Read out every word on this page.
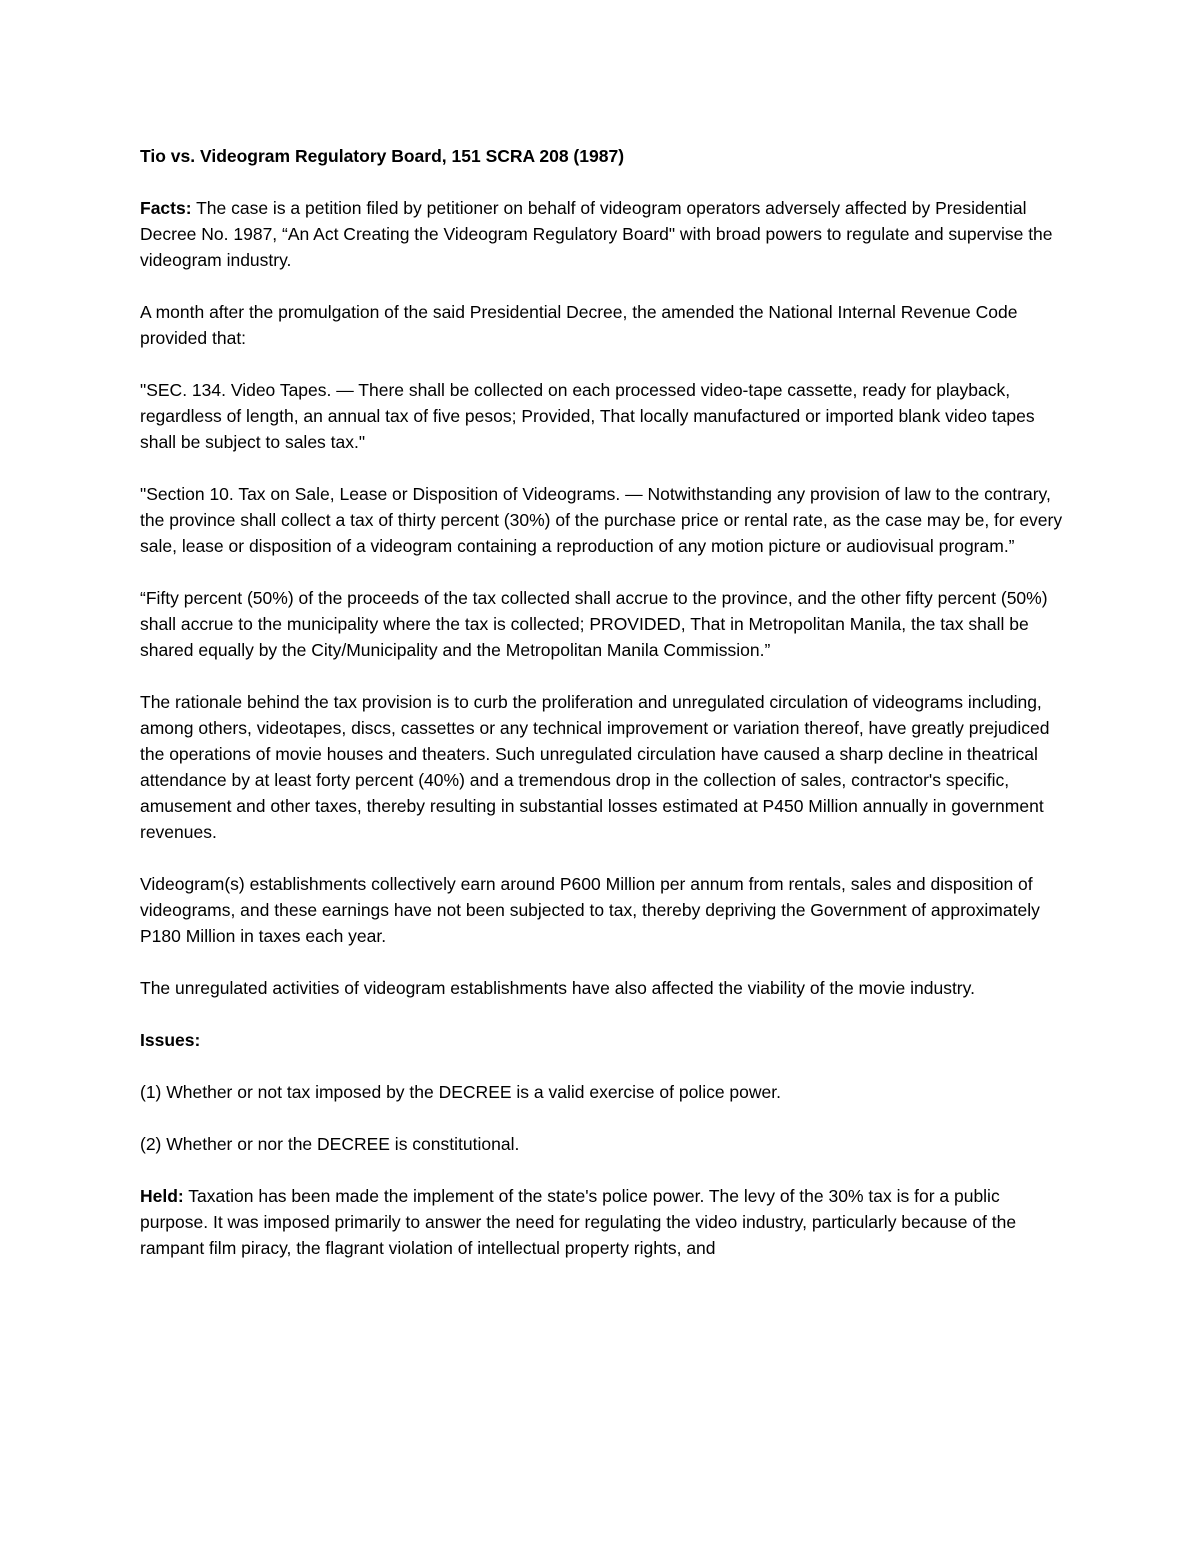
Tio vs. Videogram Regulatory Board, 151 SCRA 208 (1987)

Facts: The case is a petition filed by petitioner on behalf of videogram operators adversely affected by Presidential Decree No. 1987, “An Act Creating the Videogram Regulatory Board" with broad powers to regulate and supervise the videogram industry.

A month after the promulgation of the said Presidential Decree, the amended the National Internal Revenue Code provided that:

"SEC. 134. Video Tapes. — There shall be collected on each processed video-tape cassette, ready for playback, regardless of length, an annual tax of five pesos; Provided, That locally manufactured or imported blank video tapes shall be subject to sales tax."

"Section 10. Tax on Sale, Lease or Disposition of Videograms. — Notwithstanding any provision of law to the contrary, the province shall collect a tax of thirty percent (30%) of the purchase price or rental rate, as the case may be, for every sale, lease or disposition of a videogram containing a reproduction of any motion picture or audiovisual program.”

“Fifty percent (50%) of the proceeds of the tax collected shall accrue to the province, and the other fifty percent (50%) shall accrue to the municipality where the tax is collected; PROVIDED, That in Metropolitan Manila, the tax shall be shared equally by the City/Municipality and the Metropolitan Manila Commission.”

The rationale behind the tax provision is to curb the proliferation and unregulated circulation of videograms including, among others, videotapes, discs, cassettes or any technical improvement or variation thereof, have greatly prejudiced the operations of movie houses and theaters. Such unregulated circulation have caused a sharp decline in theatrical attendance by at least forty percent (40%) and a tremendous drop in the collection of sales, contractor's specific, amusement and other taxes, thereby resulting in substantial losses estimated at P450 Million annually in government revenues.

Videogram(s) establishments collectively earn around P600 Million per annum from rentals, sales and disposition of videograms, and these earnings have not been subjected to tax, thereby depriving the Government of approximately P180 Million in taxes each year.

The unregulated activities of videogram establishments have also affected the viability of the movie industry.

Issues:

(1) Whether or not tax imposed by the DECREE is a valid exercise of police power.

(2) Whether or nor the DECREE is constitutional.

Held: Taxation has been made the implement of the state's police power. The levy of the 30% tax is for a public purpose. It was imposed primarily to answer the need for regulating the video industry, particularly because of the rampant film piracy, the flagrant violation of intellectual property rights, and
